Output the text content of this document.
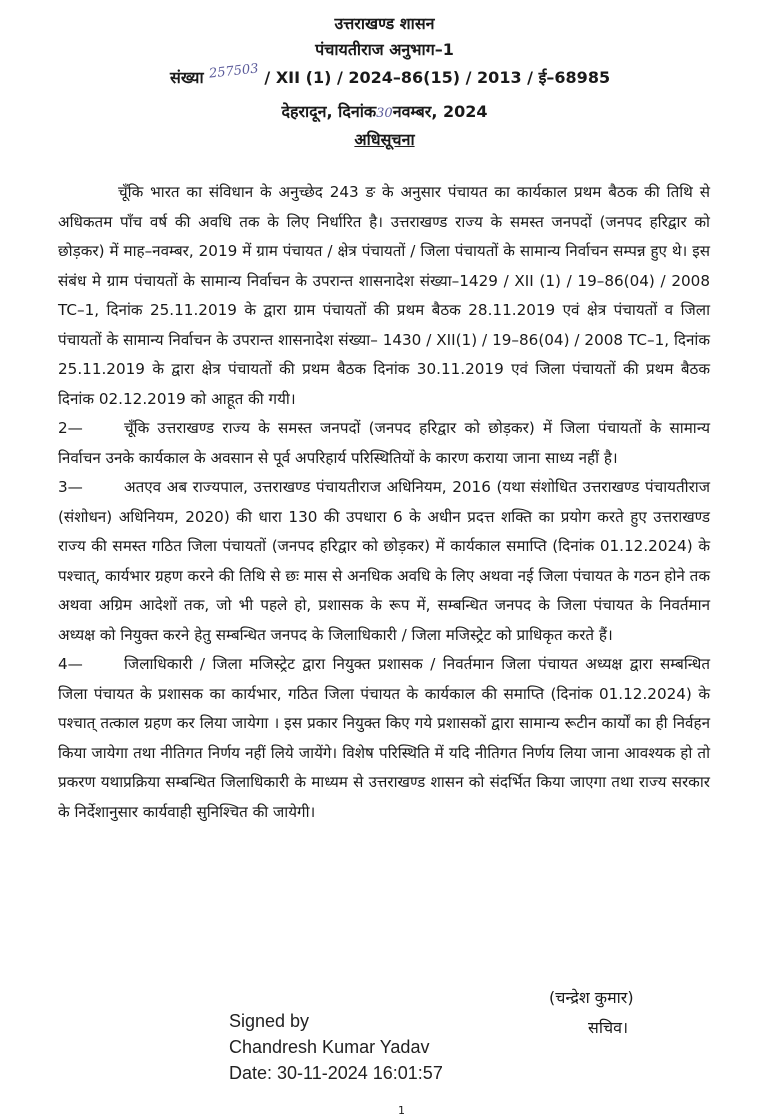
उत्तराखण्ड शासन
पंचायतीराज अनुभाग–1
संख्या 257503 / XII (1) / 2024–86(15) / 2013 / ई–68985
देहरादून, दिनांक30नवम्बर, 2024
अधिसूचना

चूँकि भारत का संविधान के अनुच्छेद 243 ङ के अनुसार पंचायत का कार्यकाल प्रथम बैठक की तिथि से अधिकतम पाँच वर्ष की अवधि तक के लिए निर्धारित है। उत्तराखण्ड राज्य के समस्त जनपदों (जनपद हरिद्वार को छोड़कर) में माह–नवम्बर, 2019 में ग्राम पंचायत / क्षेत्र पंचायतों / जिला पंचायतों के सामान्य निर्वाचन सम्पन्न हुए थे। इस संबंध मे ग्राम पंचायतों के सामान्य निर्वाचन के उपरान्त शासनादेश संख्या–1429 / XII (1) / 19–86(04) / 2008 TC–1, दिनांक 25.11.2019 के द्वारा ग्राम पंचायतों की प्रथम बैठक 28.11.2019 एवं क्षेत्र पंचायतों व जिला पंचायतों के सामान्य निर्वाचन के उपरान्त शासनादेश संख्या– 1430 / XII(1) / 19–86(04) / 2008 TC–1, दिनांक 25.11.2019 के द्वारा क्षेत्र पंचायतों की प्रथम बैठक दिनांक 30.11.2019 एवं जिला पंचायतों की प्रथम बैठक दिनांक 02.12.2019 को आहूत की गयी।

2—	चूँकि उत्तराखण्ड राज्य के समस्त जनपदों (जनपद हरिद्वार को छोड़कर) में जिला पंचायतों के सामान्य निर्वाचन उनके कार्यकाल के अवसान से पूर्व अपरिहार्य परिस्थितियों के कारण कराया जाना साध्य नहीं है।

3—	अतएव अब राज्यपाल, उत्तराखण्ड पंचायतीराज अधिनियम, 2016 (यथा संशोधित उत्तराखण्ड पंचायतीराज (संशोधन) अधिनियम, 2020) की धारा 130 की उपधारा 6 के अधीन प्रदत्त शक्ति का प्रयोग करते हुए उत्तराखण्ड राज्य की समस्त गठित जिला पंचायतों (जनपद हरिद्वार को छोड़कर) में कार्यकाल समाप्ति (दिनांक 01.12.2024) के पश्चात्, कार्यभार ग्रहण करने की तिथि से छः मास से अनधिक अवधि के लिए अथवा नई जिला पंचायत के गठन होने तक अथवा अग्रिम आदेशों तक, जो भी पहले हो, प्रशासक के रूप में, सम्बन्धित जनपद के जिला पंचायत के निवर्तमान अध्यक्ष को नियुक्त करने हेतु सम्बन्धित जनपद के जिलाधिकारी / जिला मजिस्ट्रेट को प्राधिकृत करते हैं।

4—	जिलाधिकारी / जिला मजिस्ट्रेट द्वारा नियुक्त प्रशासक / निवर्तमान जिला पंचायत अध्यक्ष द्वारा सम्बन्धित जिला पंचायत के प्रशासक का कार्यभार, गठित जिला पंचायत के कार्यकाल की समाप्ति (दिनांक 01.12.2024) के पश्चात् तत्काल ग्रहण कर लिया जायेगा । इस प्रकार नियुक्त किए गये प्रशासकों द्वारा सामान्य रूटीन कार्यों का ही निर्वहन किया जायेगा तथा नीतिगत निर्णय नहीं लिये जायेंगे। विशेष परिस्थिति में यदि नीतिगत निर्णय लिया जाना आवश्यक हो तो प्रकरण यथाप्रक्रिया सम्बन्धित जिलाधिकारी के माध्यम से उत्तराखण्ड शासन को संदर्भित किया जाएगा तथा राज्य सरकार के निर्देशानुसार कार्यवाही सुनिश्चित की जायेगी।

(चन्द्रेश कुमार)
सचिव।
Signed by
Chandresh Kumar Yadav
Date: 30-11-2024 16:01:57
1
